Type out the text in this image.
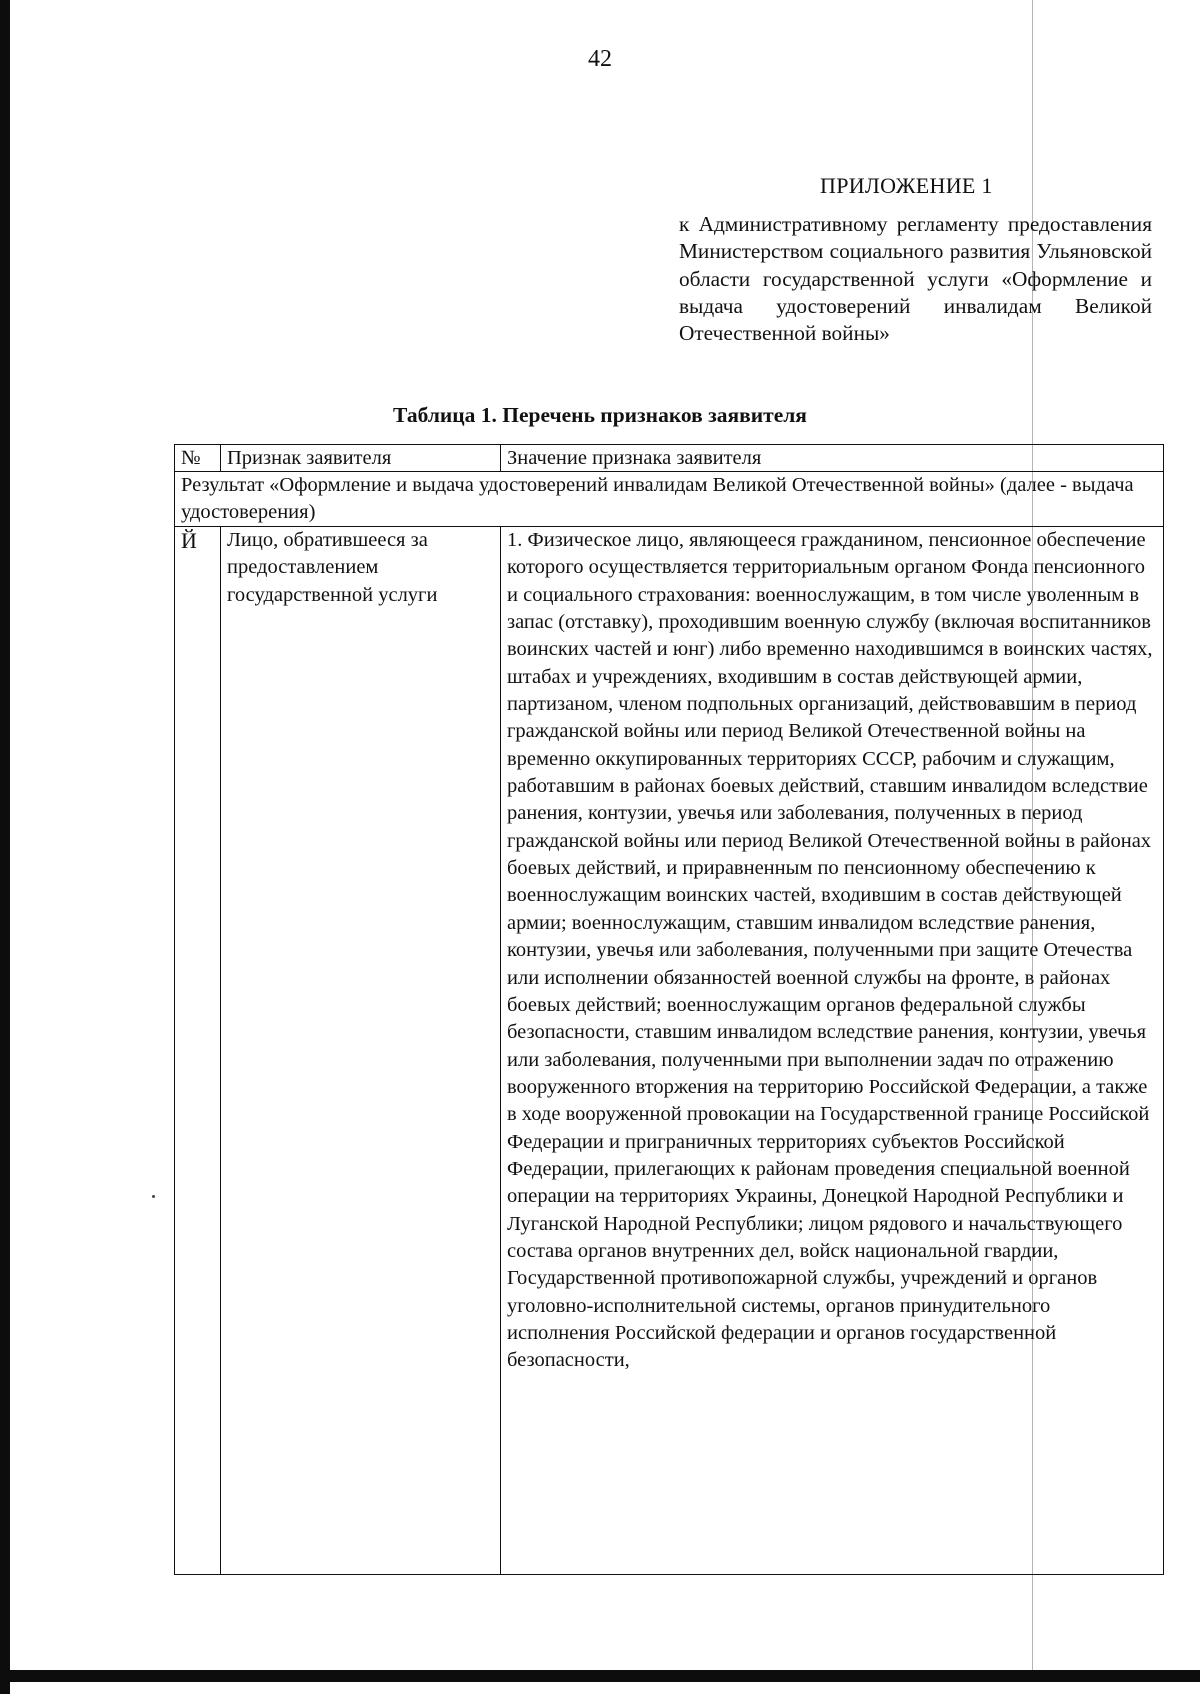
42
ПРИЛОЖЕНИЕ 1
к Административному регламенту предоставления Министерством социального развития Ульяновской области государственной услуги «Оформление и выдача удостоверений инвалидам Великой Отечественной войны»
Таблица 1. Перечень признаков заявителя
№	Признак заявителя	Значение признака заявителя
Результат «Оформление и выдача удостоверений инвалидам Великой Отечественной войны» (далее - выдача удостоверения)		
Й	Лицо, обратившееся за предоставлением государственной услуги	1. Физическое лицо, являющееся гражданином, пенсионное обеспечение которого осуществляется территориальным органом Фонда пенсионного и социального страхования: военнослужащим, в том числе уволенным в запас (отставку), проходившим военную службу (включая воспитанников воинских частей и юнг) либо временно находившимся в воинских частях, штабах и учреждениях, входившим в состав действующей армии, партизаном, членом подпольных организаций, действовавшим в период гражданской войны или период Великой Отечественной войны на временно оккупированных территориях СССР, рабочим и служащим, работавшим в районах боевых действий, ставшим инвалидом вследствие ранения, контузии, увечья или заболевания, полученных в период гражданской войны или период Великой Отечественной войны в районах боевых действий, и приравненным по пенсионному обеспечению к военнослужащим воинских частей, входившим в состав действующей армии; военнослужащим, ставшим инвалидом вследствие ранения, контузии, увечья или заболевания, полученными при защите Отечества или исполнении обязанностей военной службы на фронте, в районах боевых действий; военнослужащим органов федеральной службы безопасности, ставшим инвалидом вследствие ранения, контузии, увечья или заболевания, полученными при выполнении задач по отражению вооруженного вторжения на территорию Российской Федерации, а также в ходе вооруженной провокации на Государственной границе Российской Федерации и приграничных территориях субъектов Российской Федерации, прилегающих к районам проведения специальной военной операции на территориях Украины, Донецкой Народной Республики и Луганской Народной Республики; лицом рядового и начальствующего состава органов внутренних дел, войск национальной гвардии, Государственной противопожарной службы, учреждений и органов уголовно-исполнительной системы, органов принудительного исполнения Российской федерации и органов государственной безопасности,
